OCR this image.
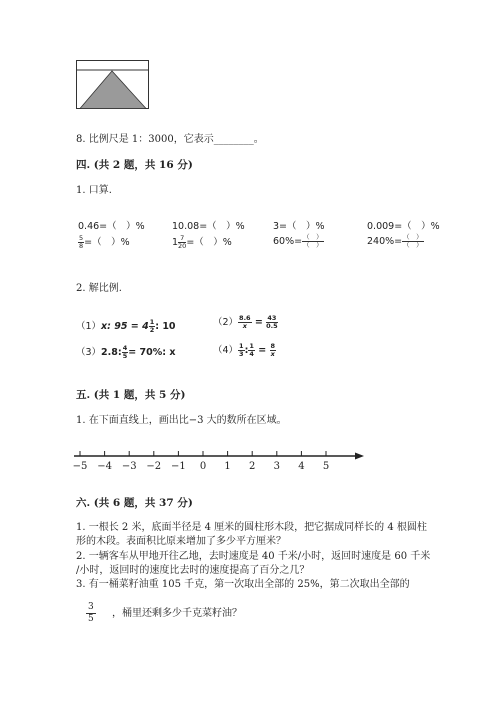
8. 比例尺是 1：3000，它表示________。
四. (共 2 题，共 16 分)
1. 口算.
0.46=（　）%	10.08=（　）%	3=（　）%	0.009=（　）%
$\frac{5}{8}$ =（　）%	$1 \frac{7}{20}$ =（　）%	$60\%= \frac{( )}{( )}$	$240\%= \frac{( )}{( )}$
2. 解比例.
（1）x: $95 = 4 \frac{1}{2}$ : 10	$(2) \frac{8.6}{x} = \frac{43}{0.5}$
（3）2.8: $\frac{4}{5} = 70\%$: x	$(4) \frac{1}{3}$ : $\frac{1}{4} = \frac{8}{x}$
五. (共 1 题，共 5 分)
1. 在下面直线上，画出比−3 大的数所在区域。
−5 −4 −3 −2 −1 0 1 2 3 4 5
六. (共 6 题，共 37 分)
1. 一根长 2 米，底面半径是 4 厘米的圆柱形木段，把它据成同样长的 4 根圆柱
形的木段。表面积比原来增加了多少平方厘米？
2. 一辆客车从甲地开往乙地，去时速度是 40 千米/小时，返回时速度是 60 千米
/小时，返回时的速度比去时的速度提高了百分之几？
3. 有一桶菜籽油重 105 千克，第一次取出全部的 25%，第二次取出全部的
3
5 ，桶里还剩多少千克菜籽油？
